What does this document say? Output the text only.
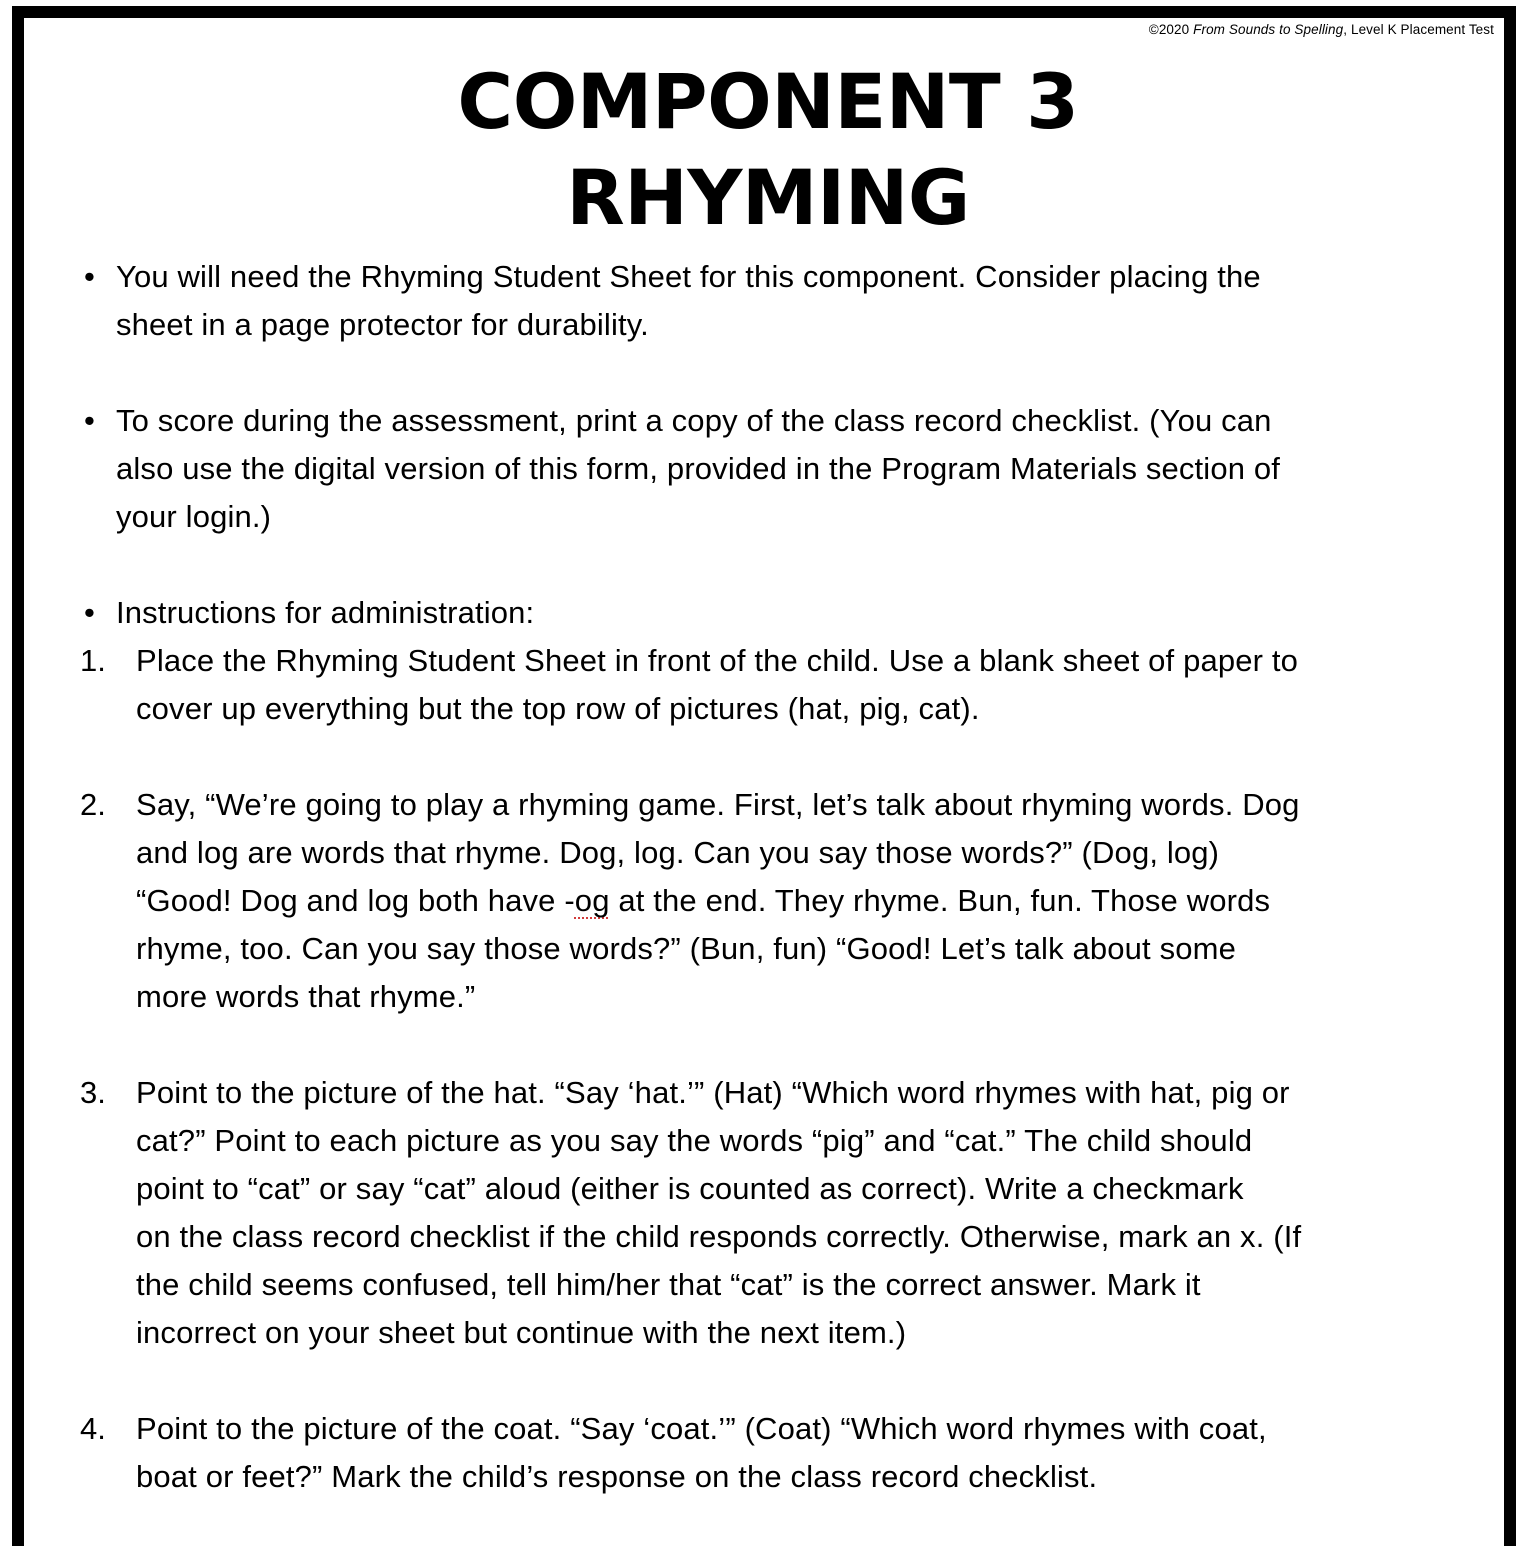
©2020 From Sounds to Spelling, Level K Placement Test
COMPONENT 3
RHYMING
• You will need the Rhyming Student Sheet for this component. Consider placing the
sheet in a page protector for durability.
• To score during the assessment, print a copy of the class record checklist. (You can
also use the digital version of this form, provided in the Program Materials section of
your login.)
• Instructions for administration:
1. Place the Rhyming Student Sheet in front of the child. Use a blank sheet of paper to
cover up everything but the top row of pictures (hat, pig, cat).
2. Say, “We’re going to play a rhyming game. First, let’s talk about rhyming words. Dog
and log are words that rhyme. Dog, log. Can you say those words?” (Dog, log)
“Good! Dog and log both have -og at the end. They rhyme. Bun, fun. Those words
rhyme, too. Can you say those words?” (Bun, fun) “Good! Let’s talk about some
more words that rhyme.”
3. Point to the picture of the hat. “Say ‘hat.’” (Hat) “Which word rhymes with hat, pig or
cat?” Point to each picture as you say the words “pig” and “cat.” The child should
point to “cat” or say “cat” aloud (either is counted as correct). Write a checkmark
on the class record checklist if the child responds correctly. Otherwise, mark an x. (If
the child seems confused, tell him/her that “cat” is the correct answer. Mark it
incorrect on your sheet but continue with the next item.)
4. Point to the picture of the coat. “Say ‘coat.’” (Coat) “Which word rhymes with coat,
boat or feet?” Mark the child’s response on the class record checklist.
